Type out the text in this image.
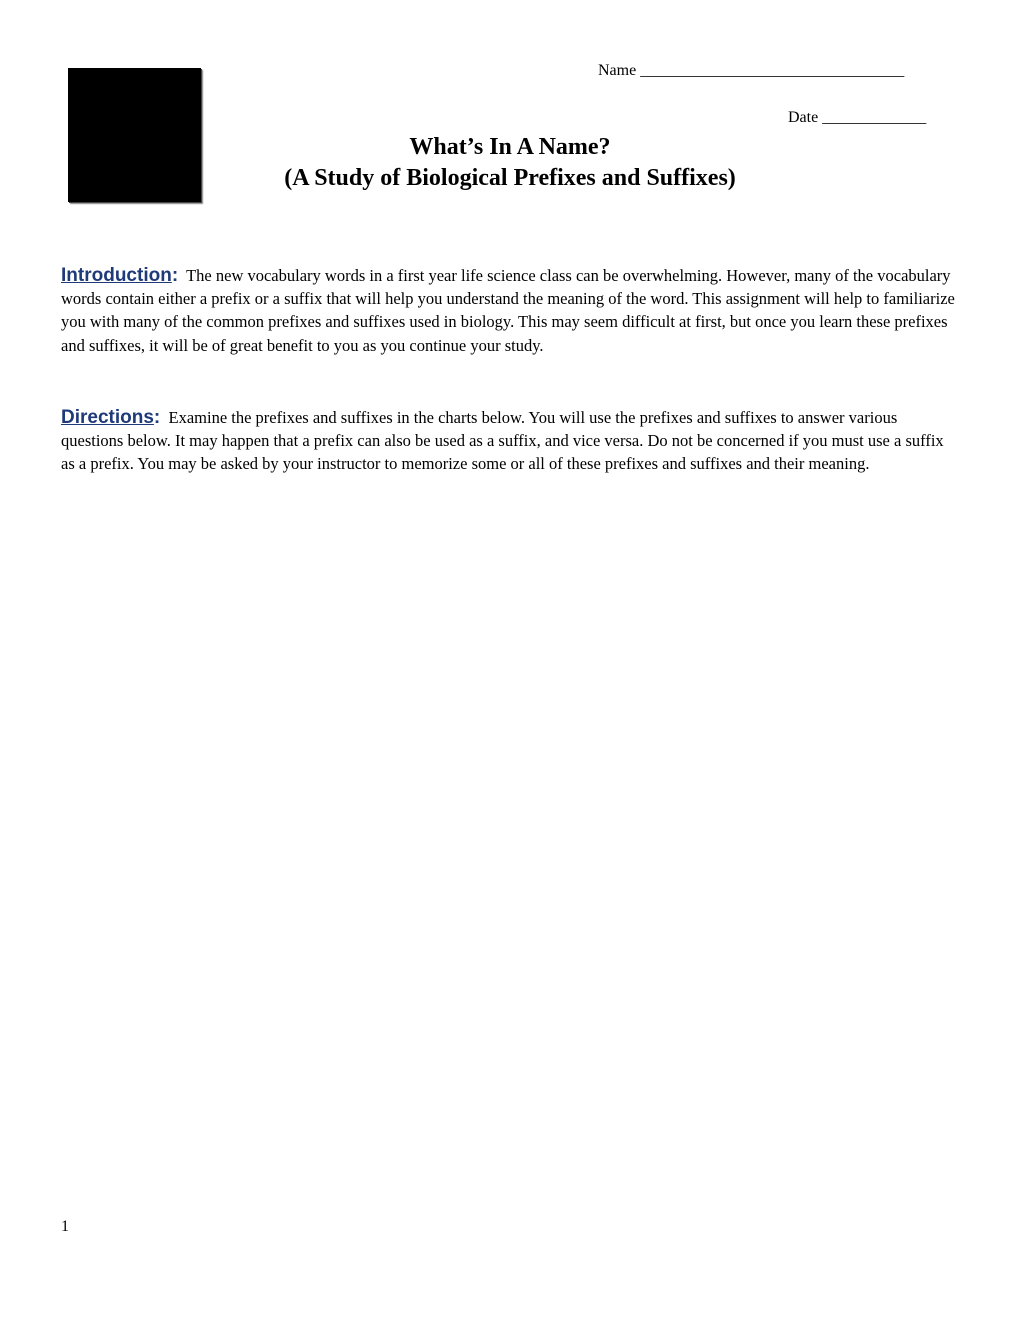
Name _________________________________
Date _____________
What’s In A Name?
(A Study of Biological Prefixes and Suffixes)
Introduction: The new vocabulary words in a first year life science class can be overwhelming. However, many of the vocabulary words contain either a prefix or a suffix that will help you understand the meaning of the word. This assignment will help to familiarize you with many of the common prefixes and suffixes used in biology. This may seem difficult at first, but once you learn these prefixes and suffixes, it will be of great benefit to you as you continue your study.
Directions: Examine the prefixes and suffixes in the charts below. You will use the prefixes and suffixes to answer various questions below. It may happen that a prefix can also be used as a suffix, and vice versa. Do not be concerned if you must use a suffix as a prefix. You may be asked by your instructor to memorize some or all of these prefixes and suffixes and their meaning.
1
